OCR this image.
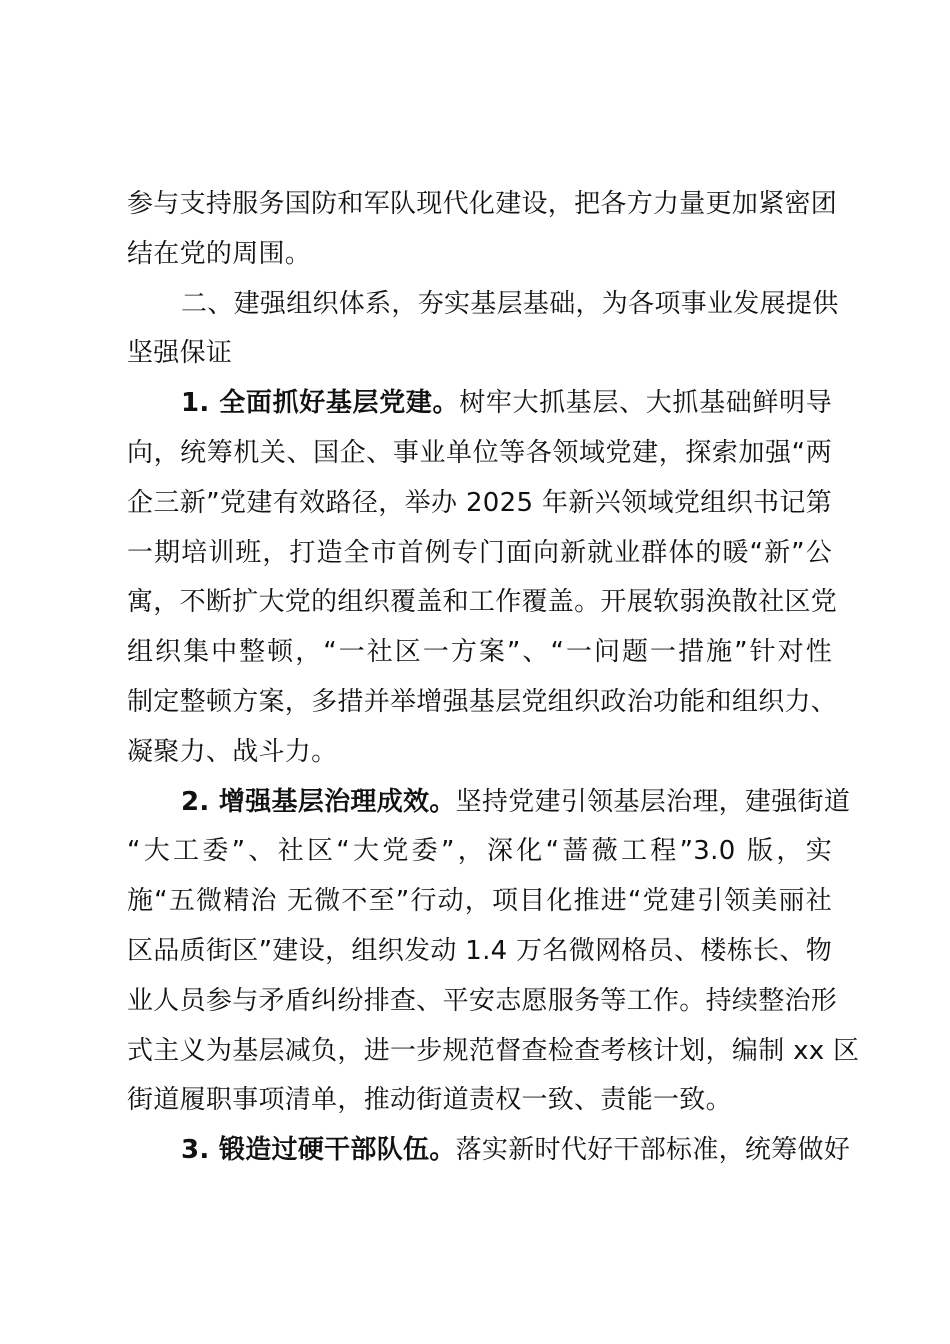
参与支持服务国防和军队现代化建设，把各方力量更加紧密团
结在党的周围。
二、建强组织体系，夯实基层基础，为各项事业发展提供
坚强保证
1. 全面抓好基层党建。树牢大抓基层、大抓基础鲜明导
向，统筹机关、国企、事业单位等各领域党建，探索加强“两
企三新”党建有效路径，举办 2025 年新兴领域党组织书记第
一期培训班，打造全市首例专门面向新就业群体的暖“新”公
寓，不断扩大党的组织覆盖和工作覆盖。开展软弱涣散社区党
组织集中整顿，“一社区一方案”、“一问题一措施”针对性
制定整顿方案，多措并举增强基层党组织政治功能和组织力、
凝聚力、战斗力。
2. 增强基层治理成效。坚持党建引领基层治理，建强街道
“大工委”、社区“大党委”，深化“蔷薇工程”3.0 版，实
施“五微精治 无微不至”行动，项目化推进“党建引领美丽社
区品质街区”建设，组织发动 1.4 万名微网格员、楼栋长、物
业人员参与矛盾纠纷排查、平安志愿服务等工作。持续整治形
式主义为基层减负，进一步规范督查检查考核计划，编制 xx 区
街道履职事项清单，推动街道责权一致、责能一致。
3. 锻造过硬干部队伍。落实新时代好干部标准，统筹做好
